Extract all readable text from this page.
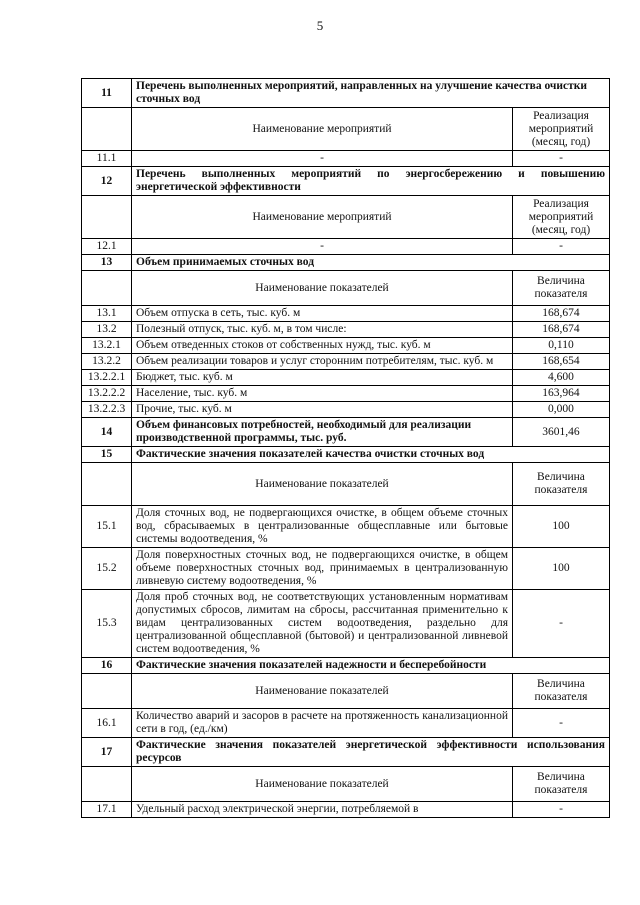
5
11	Перечень выполненных мероприятий, направленных на улучшение качества очистки сточных вод	
	Наименование мероприятий	Реализация мероприятий (месяц, год)
11.1	-	-
12	Перечень выполненных мероприятий по энергосбережению и повышению энергетической эффективности	
	Наименование мероприятий	Реализация мероприятий (месяц, год)
12.1	-	-
13	Объем принимаемых сточных вод	
	Наименование показателей	Величина показателя
13.1	Объем отпуска в сеть, тыс. куб. м	168,674
13.2	Полезный отпуск, тыс. куб. м, в том числе:	168,674
13.2.1	Объем отведенных стоков от собственных нужд, тыс. куб. м	0,110
13.2.2	Объем реализации товаров и услуг сторонним потребителям, тыс. куб. м	168,654
13.2.2.1	Бюджет, тыс. куб. м	4,600
13.2.2.2	Население, тыс. куб. м	163,964
13.2.2.3	Прочие, тыс. куб. м	0,000
14	Объем финансовых потребностей, необходимый для реализации производственной программы, тыс. руб.	3601,46
15	Фактические значения показателей качества очистки сточных вод	
	Наименование показателей	Величина показателя
15.1	Доля сточных вод, не подвергающихся очистке, в общем объеме сточных вод, сбрасываемых в централизованные общесплавные или бытовые системы водоотведения, %	100
15.2	Доля поверхностных сточных вод, не подвергающихся очистке, в общем объеме поверхностных сточных вод, принимаемых в централизованную ливневую систему водоотведения, %	100
15.3	Доля проб сточных вод, не соответствующих установленным нормативам допустимых сбросов, лимитам на сбросы, рассчитанная применительно к видам централизованных систем водоотведения, раздельно для централизованной общесплавной (бытовой) и централизованной ливневой систем водоотведения, %	-
16	Фактические значения показателей надежности и бесперебойности	
	Наименование показателей	Величина показателя
16.1	Количество аварий и засоров в расчете на протяженность канализационной сети в год, (ед./км)	-
17	Фактические значения показателей энергетической эффективности использования ресурсов	
	Наименование показателей	Величина показателя
17.1	Удельный расход электрической энергии, потребляемой в	-
